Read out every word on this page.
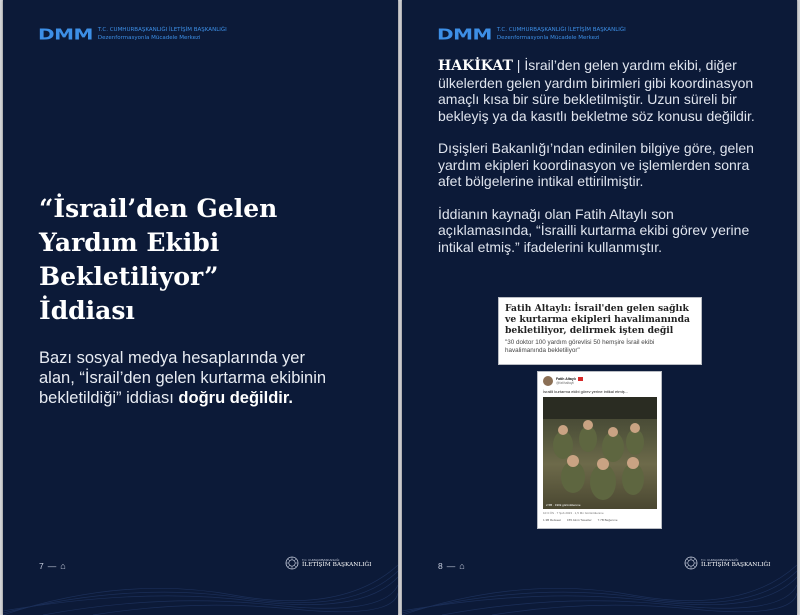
DMM T.C. CUMHURBAŞKANLIĞI İLETİŞİM BAŞKANLIĞI
Dezenformasyonla Mücadele Merkezi
“İsrail’den Gelen
Yardım Ekibi
Bekletiliyor”
İddiası

Bazı sosyal medya hesaplarında yer alan, “İsrail’den gelen kurtarma ekibinin bekletildiği” iddiası doğru değildir.

7 — ⌂
T.C. CUMHURBAŞKANLIĞI
İLETİŞİM BAŞKANLIĞI
DMM T.C. CUMHURBAŞKANLIĞI İLETİŞİM BAŞKANLIĞI
Dezenformasyonla Mücadele Merkezi

HAKİKAT | İsrail’den gelen yardım ekibi, diğer ülkelerden gelen yardım birimleri gibi koordinasyon amaçlı kısa bir süre bekletilmiştir. Uzun süreli bir bekleyiş ya da kasıtlı bekletme söz konusu değildir.

Dışişleri Bakanlığı’ndan edinilen bilgiye göre, gelen yardım ekipleri koordinasyon ve işlemlerden sonra afet bölgelerine intikal ettirilmiştir.

İddianın kaynağı olan Fatih Altaylı son açıklamasında, “İsrailli kurtarma ekibi görev yerine intikal etmiş.” ifadelerini kullanmıştır.

Fatih Altaylı: İsrail'den gelen sağlık ve kurtarma ekipleri havalimanında bekletiliyor, delirmek işten değil
"30 doktor 100 yardım görevlisi 50 hemşire İsrail ekibi havalimanında bekletiliyor"
Fatih Altaylı
@fatihaltayli
İsrailli kurtarma ekibi görev yerine intikal etmiş...
2.5B · 190k görüntülenme
10:3 ÖS · 7 Şub 2023 · 1,5 Mn Görüntülenme
1.3B Retweet 155 Alıntı Tweetler 7.7B Beğenme
8 — ⌂
T.C. CUMHURBAŞKANLIĞI
İLETİŞİM BAŞKANLIĞI
